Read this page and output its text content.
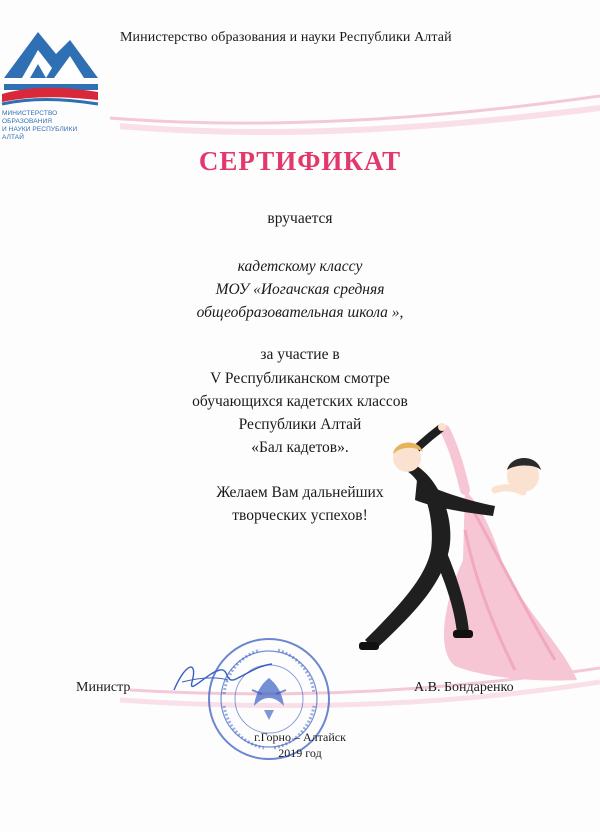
МИНИСТЕРСТВО ОБРАЗОВАНИЯ
И НАУКИ РЕСПУБЛИКИ АЛТАЙ
Министерство образования и науки Республики Алтай
СЕРТИФИКАТ
вручается
кадетскому классу
МОУ «Иогачская средняя
общеобразовательная школа »,
за участие в
V Республиканском смотре
обучающихся кадетских классов
Республики Алтай
«Бал кадетов».
Желаем Вам дальнейших
творческих успехов!
Министр	А.В. Бондаренко
г.Горно – Алтайск
2019 год
